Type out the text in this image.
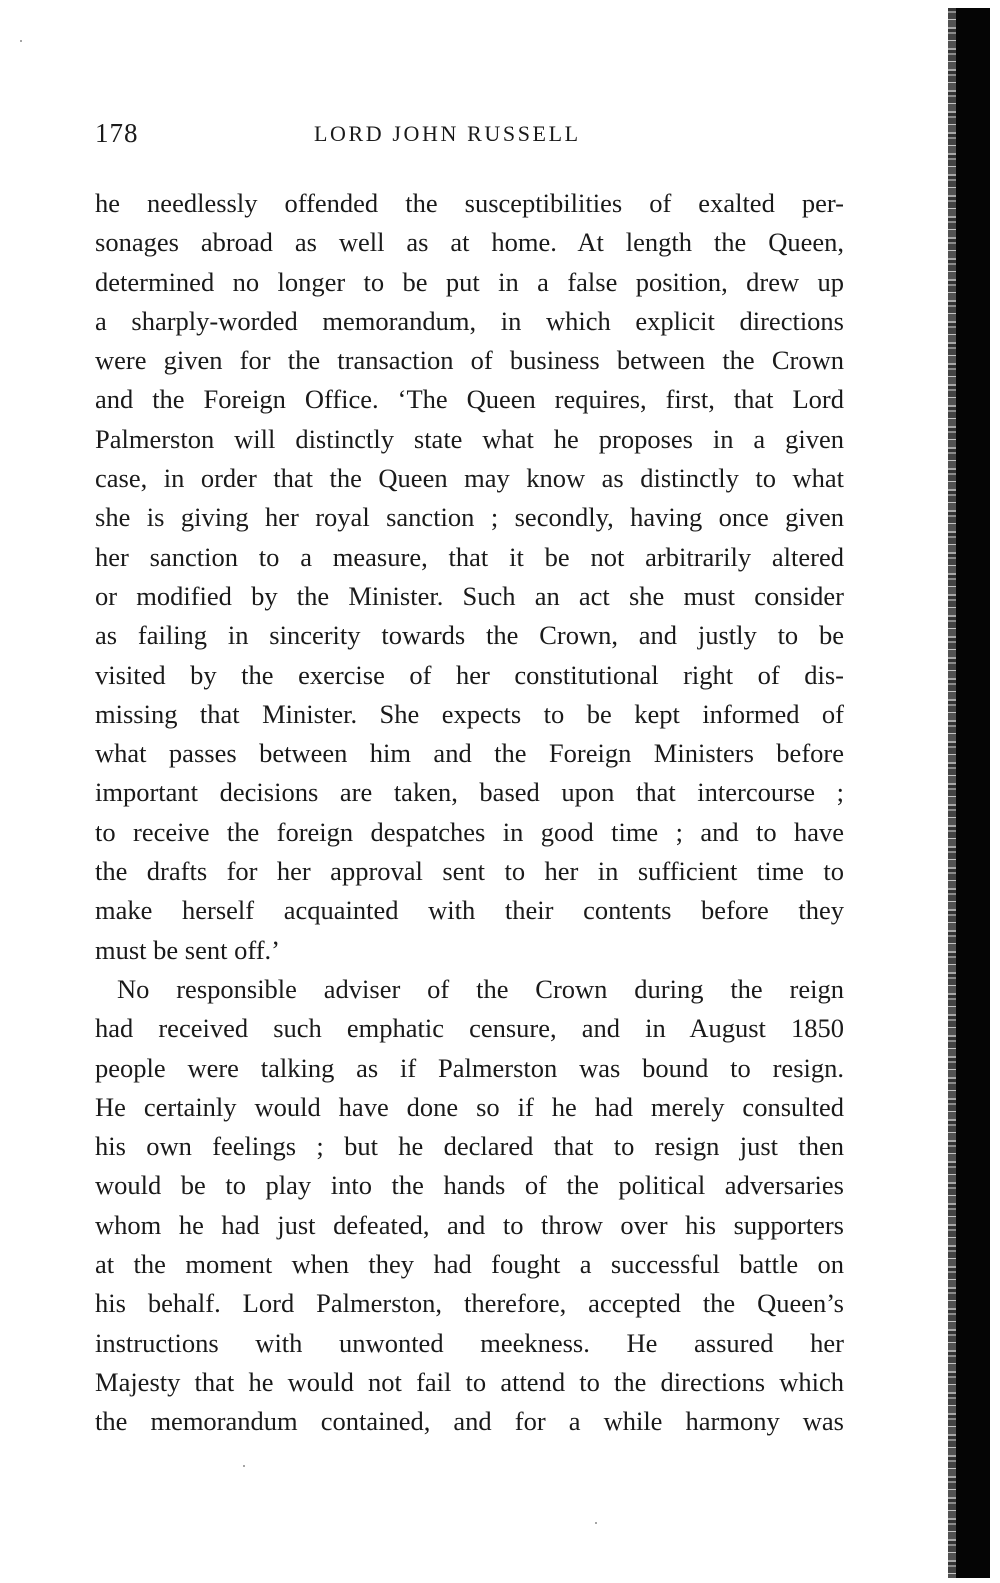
178	LORD JOHN RUSSELL
he needlessly offended the susceptibilities of exalted per-
sonages abroad as well as at home. At length the Queen,
determined no longer to be put in a false position, drew up
a sharply-worded memorandum, in which explicit directions
were given for the transaction of business between the Crown
and the Foreign Office. ‘The Queen requires, first, that Lord
Palmerston will distinctly state what he proposes in a given
case, in order that the Queen may know as distinctly to what
she is giving her royal sanction ; secondly, having once given
her sanction to a measure, that it be not arbitrarily altered
or modified by the Minister. Such an act she must consider
as failing in sincerity towards the Crown, and justly to be
visited by the exercise of her constitutional right of dis-
missing that Minister. She expects to be kept informed of
what passes between him and the Foreign Ministers before
important decisions are taken, based upon that intercourse ;
to receive the foreign despatches in good time ; and to have
the drafts for her approval sent to her in sufficient time to
make herself acquainted with their contents before they
must be sent off.’
No responsible adviser of the Crown during the reign
had received such emphatic censure, and in August 1850
people were talking as if Palmerston was bound to resign.
He certainly would have done so if he had merely consulted
his own feelings ; but he declared that to resign just then
would be to play into the hands of the political adversaries
whom he had just defeated, and to throw over his supporters
at the moment when they had fought a successful battle on
his behalf. Lord Palmerston, therefore, accepted the Queen’s
instructions with unwonted meekness. He assured her
Majesty that he would not fail to attend to the directions which
the memorandum contained, and for a while harmony was
